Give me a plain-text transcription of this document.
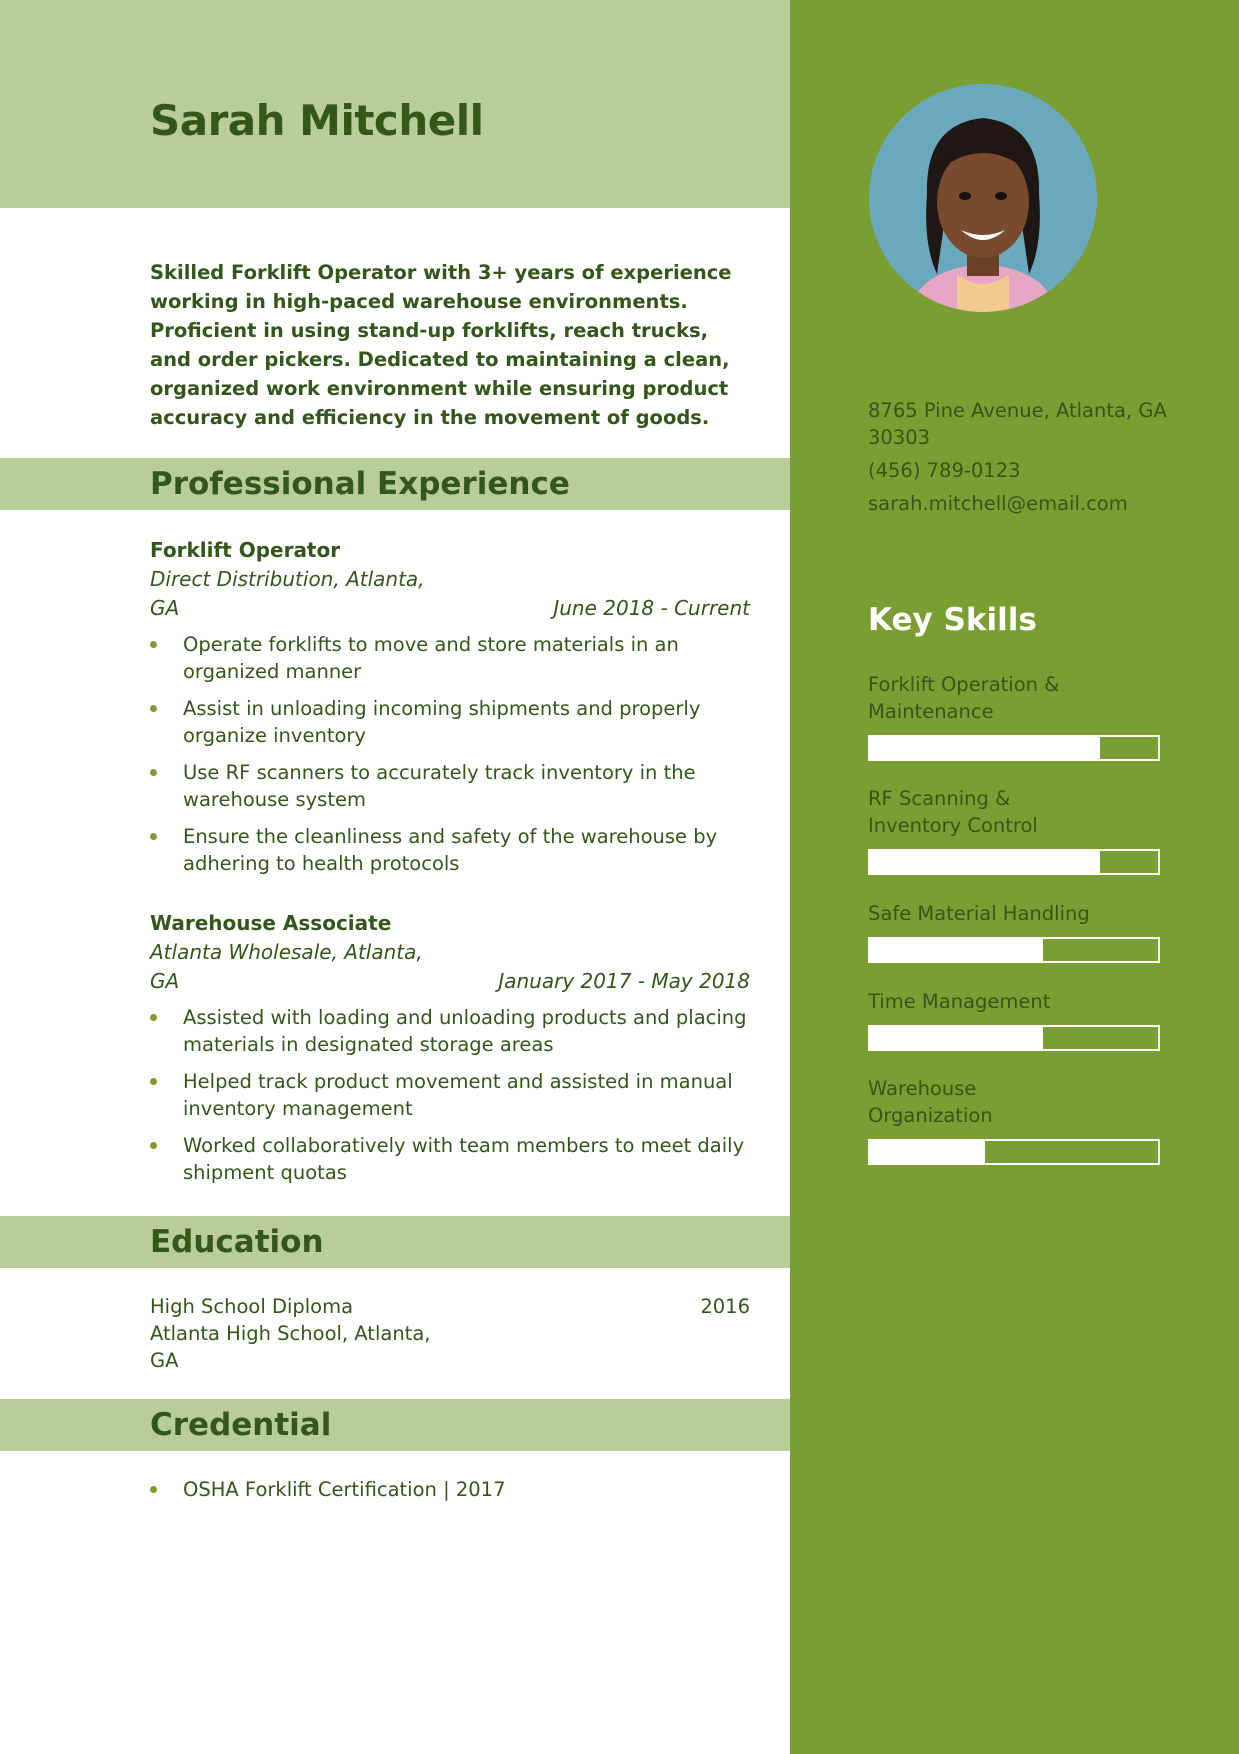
Sarah Mitchell

Skilled Forklift Operator with 3+ years of experience working in high-paced warehouse environments. Proficient in using stand-up forklifts, reach trucks, and order pickers. Dedicated to maintaining a clean, organized work environment while ensuring product accuracy and efficiency in the movement of goods.

Professional Experience
Forklift Operator
Direct Distribution, Atlanta, GA	June 2018 - Current
Operate forklifts to move and store materials in an organized manner
Assist in unloading incoming shipments and properly organize inventory
Use RF scanners to accurately track inventory in the warehouse system
Ensure the cleanliness and safety of the warehouse by adhering to health protocols
Warehouse Associate
Atlanta Wholesale, Atlanta, GA	January 2017 - May 2018
Assisted with loading and unloading products and placing materials in designated storage areas
Helped track product movement and assisted in manual inventory management
Worked collaboratively with team members to meet daily shipment quotas
Education
High School Diploma
Atlanta High School, Atlanta, GA
2016
Credential
OSHA Forklift Certification | 2017
8765 Pine Avenue, Atlanta, GA 30303
(456) 789-0123
sarah.mitchell@email.com
Key Skills
Forklift Operation & Maintenance
RF Scanning & Inventory Control
Safe Material Handling
Time Management
Warehouse Organization
